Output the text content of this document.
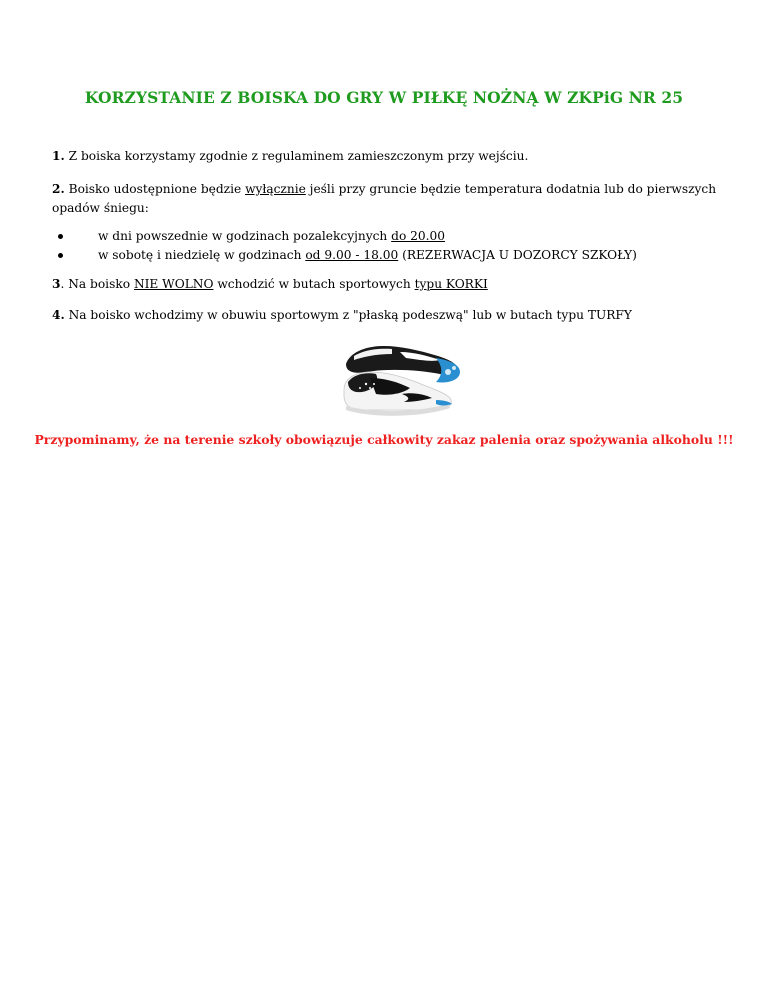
KORZYSTANIE Z BOISKA DO GRY W PIŁKĘ NOŻNĄ W ZKPiG NR 25
1. Z boiska korzystamy zgodnie z regulaminem zamieszczonym przy wejściu.
2. Boisko udostępnione będzie wyłącznie jeśli przy gruncie będzie temperatura dodatnia lub do pierwszych opadów śniegu:
w dni powszednie w godzinach pozalekcyjnych do 20.00
w sobotę i niedzielę w godzinach od 9.00 - 18.00 (REZERWACJA U DOZORCY SZKOŁY)
3. Na boisko NIE WOLNO wchodzić w butach sportowych typu KORKI
4. Na boisko wchodzimy w obuwiu sportowym z "płaską podeszwą" lub w butach typu TURFY
Przypominamy, że na terenie szkoły obowiązuje całkowity zakaz palenia oraz spożywania alkoholu !!!
